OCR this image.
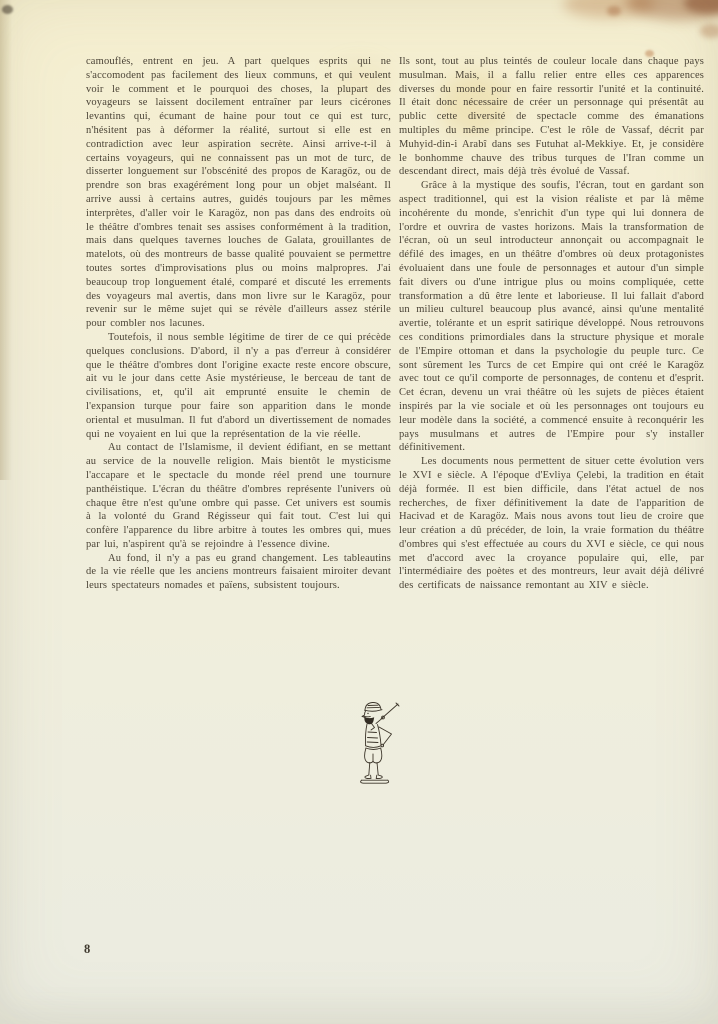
camouflés, entrent en jeu. A part quelques esprits qui ne s'accomodent pas facilement des lieux communs, et qui veulent voir le comment et le pourquoi des choses, la plupart des voyageurs se laissent docilement entraîner par leurs cicérones levantins qui, écumant de haine pour tout ce qui est turc, n'hésitent pas à déformer la réalité, surtout si elle est en contradiction avec leur aspiration secrète. Ainsi arrive-t-il à certains voyageurs, qui ne connaissent pas un mot de turc, de disserter longuement sur l'obscénité des propos de Karagöz, ou de prendre son bras exagérément long pour un objet malséant. Il arrive aussi à certains autres, guidés toujours par les mêmes interprètes, d'aller voir le Karagöz, non pas dans des endroits où le théâtre d'ombres tenait ses assises conformément à la tradition, mais dans quelques tavernes louches de Galata, grouillantes de matelots, où des montreurs de basse qualité pouvaient se permettre toutes sortes d'improvisations plus ou moins malpropres. J'ai beaucoup trop longuement étalé, comparé et discuté les errements des voyageurs mal avertis, dans mon livre sur le Karagöz, pour revenir sur le même sujet qui se révèle d'ailleurs assez stérile pour combler nos lacunes.

Toutefois, il nous semble légitime de tirer de ce qui précède quelques conclusions. D'abord, il n'y a pas d'erreur à considérer que le théâtre d'ombres dont l'origine exacte reste encore obscure, ait vu le jour dans cette Asie mystérieuse, le berceau de tant de civilisations, et, qu'il ait emprunté ensuite le chemin de l'expansion turque pour faire son apparition dans le monde oriental et musulman. Il fut d'abord un divertissement de nomades qui ne voyaient en lui que la représentation de la vie réelle.

Au contact de l'Islamisme, il devient édifiant, en se mettant au service de la nouvelle religion. Mais bientôt le mysticisme l'accapare et le spectacle du monde réel prend une tournure panthéistique. L'écran du théâtre d'ombres représente l'univers où chaque être n'est qu'une ombre qui passe. Cet univers est soumis à la volonté du Grand Régisseur qui fait tout. C'est lui qui confère l'apparence du libre arbitre à toutes les ombres qui, mues par lui, n'aspirent qu'à se rejoindre à l'essence divine.

Au fond, il n'y a pas eu grand changement. Les tableautins de la vie réelle que les anciens montreurs faisaient miroiter devant leurs spectateurs nomades et païens, subsistent toujours.

Ils sont, tout au plus teintés de couleur locale dans chaque pays musulman. Mais, il a fallu relier entre elles ces apparences diverses du monde pour en faire ressortir l'unité et la continuité. Il était donc nécessaire de créer un personnage qui présentât au public cette diversité de spectacle comme des émanations multiples du même principe. C'est le rôle de Vassaf, décrit par Muhyid-din-i Arabî dans ses Futuhat al-Mekkiye. Et, je considère le bonhomme chauve des tribus turques de l'Iran comme un descendant direct, mais déjà très évolué de Vassaf.

Grâce à la mystique des soufis, l'écran, tout en gardant son aspect traditionnel, qui est la vision réaliste et par là même incohérente du monde, s'enrichit d'un type qui lui donnera de l'ordre et ouvrira de vastes horizons. Mais la transformation de l'écran, où un seul introducteur annonçait ou accompagnait le défilé des images, en un théâtre d'ombres où deux protagonistes évoluaient dans une foule de personnages et autour d'un simple fait divers ou d'une intrigue plus ou moins compliquée, cette transformation a dû être lente et laborieuse. Il lui fallait d'abord un milieu culturel beaucoup plus avancé, ainsi qu'une mentalité avertie, tolérante et un esprit satirique développé. Nous retrouvons ces conditions primordiales dans la structure physique et morale de l'Empire ottoman et dans la psychologie du peuple turc. Ce sont sûrement les Turcs de cet Empire qui ont créé le Karagöz avec tout ce qu'il comporte de personnages, de contenu et d'esprit. Cet écran, devenu un vrai théâtre où les sujets de pièces étaient inspirés par la vie sociale et où les personnages ont toujours eu leur modèle dans la société, a commencé ensuite à reconquérir les pays musulmans et autres de l'Empire pour s'y installer définitivement.

Les documents nous permettent de situer cette évolution vers le XVI e siècle. A l'époque d'Evliya Çelebi, la tradition en était déjà formée. Il est bien difficile, dans l'état actuel de nos recherches, de fixer définitivement la date de l'apparition de Hacivad et de Karagöz. Mais nous avons tout lieu de croire que leur création a dû précéder, de loin, la vraie formation du théâtre d'ombres qui s'est effectuée au cours du XVI e siècle, ce qui nous met d'accord avec la croyance populaire qui, elle, par l'intermédiaire des poètes et des montreurs, leur avait déjà délivré des certificats de naissance remontant au XIV e siècle.

8
